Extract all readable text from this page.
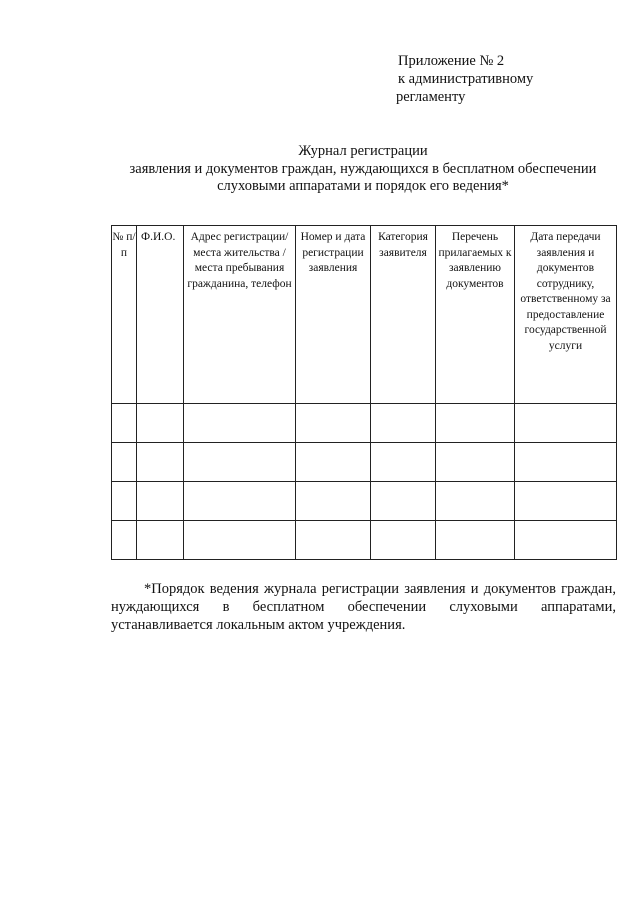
Приложение № 2
к административному
регламенту
Журнал регистрации
заявления и документов граждан, нуждающихся в бесплатном обеспечении
слуховыми аппаратами и порядок его ведения*
№ п/п	Ф.И.О.	Адрес регистрации/места жительства /места пребывания гражданина, телефон	Номер и дата регистрации заявления	Категория заявителя	Перечень прилагаемых к заявлению документов	Дата передачи заявления и документов сотруднику, ответственному за предоставление государственной услуги

*Порядок ведения журнала регистрации заявления и документов граждан, нуждающихся в бесплатном обеспечении слуховыми аппаратами, устанавливается локальным актом учреждения.
